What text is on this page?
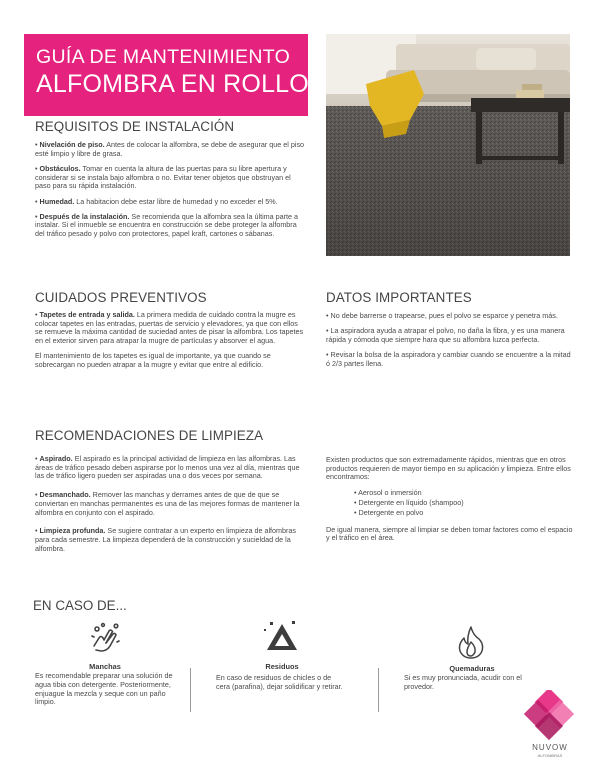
GUÍA DE MANTENIMIENTO
ALFOMBRA EN ROLLO
REQUISITOS DE INSTALACIÓN

• Nivelación de piso. Antes de colocar la alfombra, se debe de asegurar que el piso esté limpio y libre de grasa.

• Obstáculos. Tomar en cuenta la altura de las puertas para su libre apertura y considerar si se instala bajo alfombra o no. Evitar tener objetos que obstruyan el paso para su rápida instalación.

• Humedad. La habitacion debe estar libre de humedad y no exceder el 5%.

• Después de la instalación. Se recomienda que la alfombra sea la última parte a instalar. Si el inmueble se encuentra en construcción se debe proteger la alfombra del tráfico pesado y polvo con protectores, papel kraft, cartones o sábanas.

CUIDADOS PREVENTIVOS

• Tapetes de entrada y salida. La primera medida de cuidado contra la mugre es colocar tapetes en las entradas, puertas de servicio y elevadores, ya que con ellos se remueve la máxima cantidad de suciedad antes de pisar la alfombra. Los tapetes en el exterior sirven para atrapar la mugre de partículas y absorver el agua.

El mantenimiento de los tapetes es igual de importante, ya que cuando se sobrecargan no pueden atrapar a la mugre y evitar que entre al edificio.

DATOS IMPORTANTES

• No debe barrerse o trapearse, pues el polvo se esparce y penetra más.

• La aspiradora ayuda a atrapar el polvo, no daña la fibra, y es una manera rápida y cómoda que siempre hara que su alfombra luzca perfecta.

• Revisar la bolsa de la aspiradora y cambiar cuando se encuentre a la mitad ó 2/3 partes llena.

RECOMENDACIONES DE LIMPIEZA

• Aspirado. El aspirado es la principal actividad de limpieza en las alfombras. Las áreas de tráfico pesado deben aspirarse por lo menos una vez al día, mientras que las de tráfico ligero pueden ser aspiradas una o dos veces por semana.

• Desmanchado. Remover las manchas y derrames antes de que de que se conviertan en manchas permanentes es una de las mejores formas de mantener la alfombra en conjunto con el aspirado.

• Limpieza profunda. Se sugiere contratar a un experto en limpieza de alfombras para cada semestre. La limpieza dependerá de la construcción y sucieldad de la alfombra.

Existen productos que son extremadamente rápidos, mientras que en otros productos requieren de mayor tiempo en su aplicación y limpieza. Entre ellos encontramos:

• Aerosol o inmersión
• Detergente en líquido (shampoo)
• Detergente en polvo

De igual manera, siempre al limpiar se deben tomar factores como el espacio y el tráfico en el área.

EN CASO DE...
Manchas
Es recomendable preparar una solución de agua tibia con detergente. Posteriormente, enjuague la mezcla y seque con un paño limpio.
Residuos
En caso de residuos de chicles o de cera (parafina), dejar solidificar y retirar.
Quemaduras
Si es muy pronunciada, acudir con el provedor.
NUVOW
ALFOMBRAS
